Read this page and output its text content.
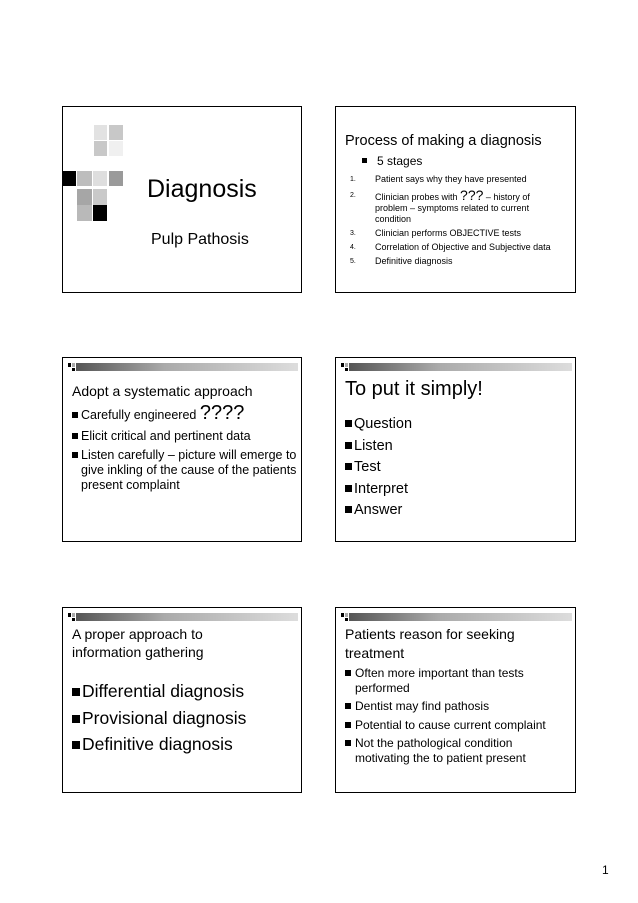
Diagnosis
Pulp Pathosis
Process of making a diagnosis
5 stages
1. Patient says why they have presented
2. Clinician probes with ??? – history of problem – symptoms related to current condition
3. Clinician performs OBJECTIVE tests
4. Correlation of Objective and Subjective data
5. Definitive diagnosis
Adopt a systematic approach
Carefully engineered ????
Elicit critical and pertinent data
Listen carefully – picture will emerge to give inkling of the cause of the patients present complaint
To put it simply!
Question
Listen
Test
Interpret
Answer
A proper approach to information gathering
Differential diagnosis
Provisional diagnosis
Definitive diagnosis
Patients reason for seeking treatment
Often more important than tests performed
Dentist may find pathosis
Potential to cause current complaint
Not the pathological condition motivating the to patient present
1
